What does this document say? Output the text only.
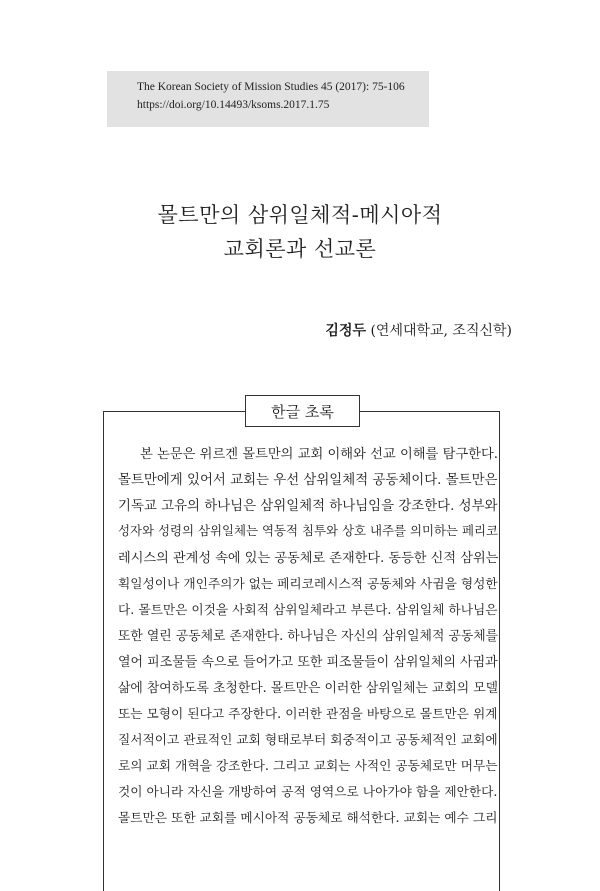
The Korean Society of Mission Studies 45 (2017): 75-106
https://doi.org/10.14493/ksoms.2017.1.75
몰트만의 삼위일체적-메시아적
교회론과 선교론
김정두 (연세대학교, 조직신학)
한글 초록
본 논문은 위르겐 몰트만의 교회 이해와 선교 이해를 탐구한다.
몰트만에게 있어서 교회는 우선 삼위일체적 공동체이다. 몰트만은
기독교 고유의 하나님은 삼위일체적 하나님임을 강조한다. 성부와
성자와 성령의 삼위일체는 역동적 침투와 상호 내주를 의미하는 페리코
레시스의 관계성 속에 있는 공동체로 존재한다. 동등한 신적 삼위는
획일성이나 개인주의가 없는 페리코레시스적 공동체와 사귐을 형성한
다. 몰트만은 이것을 사회적 삼위일체라고 부른다. 삼위일체 하나님은
또한 열린 공동체로 존재한다. 하나님은 자신의 삼위일체적 공동체를
열어 피조물들 속으로 들어가고 또한 피조물들이 삼위일체의 사귐과
삶에 참여하도록 초청한다. 몰트만은 이러한 삼위일체는 교회의 모델
또는 모형이 된다고 주장한다. 이러한 관점을 바탕으로 몰트만은 위계
질서적이고 관료적인 교회 형태로부터 회중적이고 공동체적인 교회에
로의 교회 개혁을 강조한다. 그리고 교회는 사적인 공동체로만 머무는
것이 아니라 자신을 개방하여 공적 영역으로 나아가야 함을 제안한다.
몰트만은 또한 교회를 메시아적 공동체로 해석한다. 교회는 예수 그리
